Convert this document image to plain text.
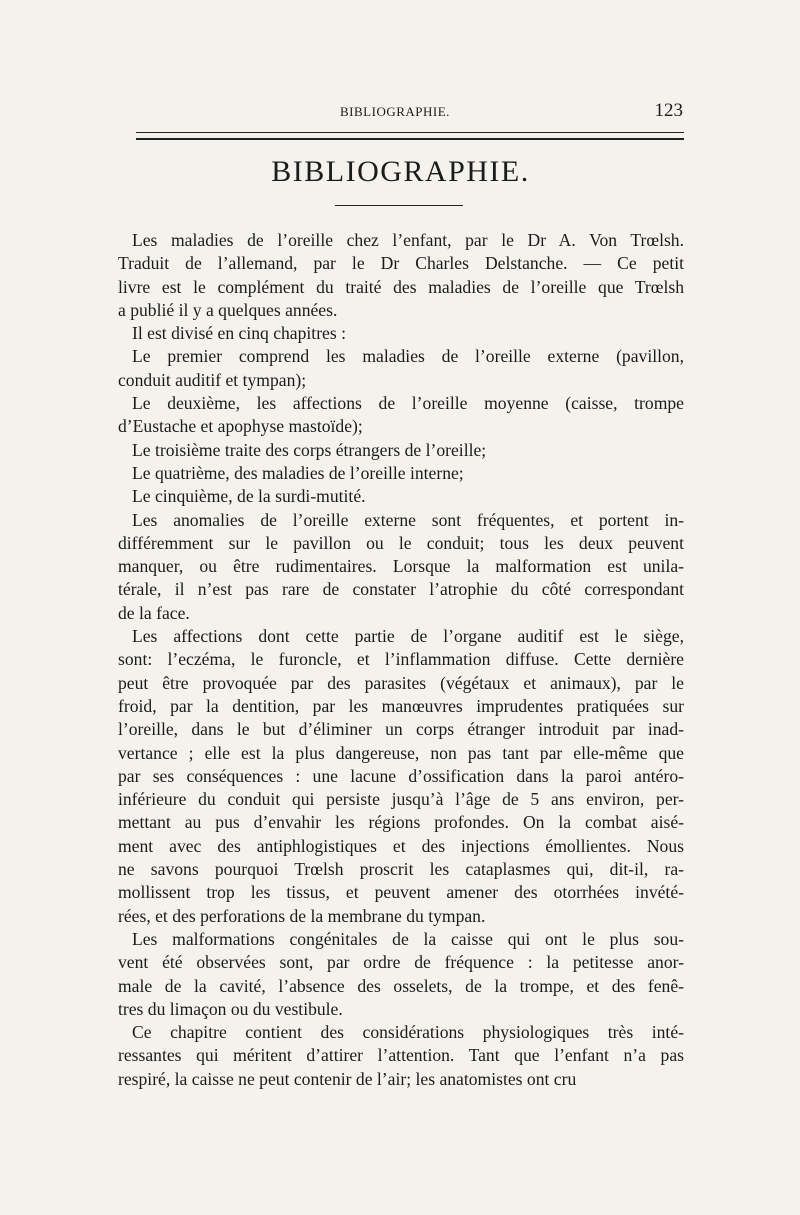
BIBLIOGRAPHIE.	123
BIBLIOGRAPHIE.

Les maladies de l’oreille chez l’enfant, par le Dr A. Von Trœlsh.
Traduit de l’allemand, par le Dr Charles Delstanche. — Ce petit
livre est le complément du traité des maladies de l’oreille que Trœlsh
a publié il y a quelques années.

Il est divisé en cinq chapitres :

Le premier comprend les maladies de l’oreille externe (pavillon,
conduit auditif et tympan);

Le deuxième, les affections de l’oreille moyenne (caisse, trompe
d’Eustache et apophyse mastoïde);

Le troisième traite des corps étrangers de l’oreille;

Le quatrième, des maladies de l’oreille interne;

Le cinquième, de la surdi-mutité.

Les anomalies de l’oreille externe sont fréquentes, et portent in-
différemment sur le pavillon ou le conduit; tous les deux peuvent
manquer, ou être rudimentaires. Lorsque la malformation est unila-
térale, il n’est pas rare de constater l’atrophie du côté correspondant
de la face.

Les affections dont cette partie de l’organe auditif est le siège,
sont: l’eczéma, le furoncle, et l’inflammation diffuse. Cette dernière
peut être provoquée par des parasites (végétaux et animaux), par le
froid, par la dentition, par les manœuvres imprudentes pratiquées sur
l’oreille, dans le but d’éliminer un corps étranger introduit par inad-
vertance ; elle est la plus dangereuse, non pas tant par elle-même que
par ses conséquences : une lacune d’ossification dans la paroi antéro-
inférieure du conduit qui persiste jusqu’à l’âge de 5 ans environ, per-
mettant au pus d’envahir les régions profondes. On la combat aisé-
ment avec des antiphlogistiques et des injections émollientes. Nous
ne savons pourquoi Trœlsh proscrit les cataplasmes qui, dit-il, ra-
mollissent trop les tissus, et peuvent amener des otorrhées invété-
rées, et des perforations de la membrane du tympan.

Les malformations congénitales de la caisse qui ont le plus sou-
vent été observées sont, par ordre de fréquence : la petitesse anor-
male de la cavité, l’absence des osselets, de la trompe, et des fenê-
tres du limaçon ou du vestibule.

Ce chapitre contient des considérations physiologiques très inté-
ressantes qui méritent d’attirer l’attention. Tant que l’enfant n’a pas
respiré, la caisse ne peut contenir de l’air; les anatomistes ont cru
